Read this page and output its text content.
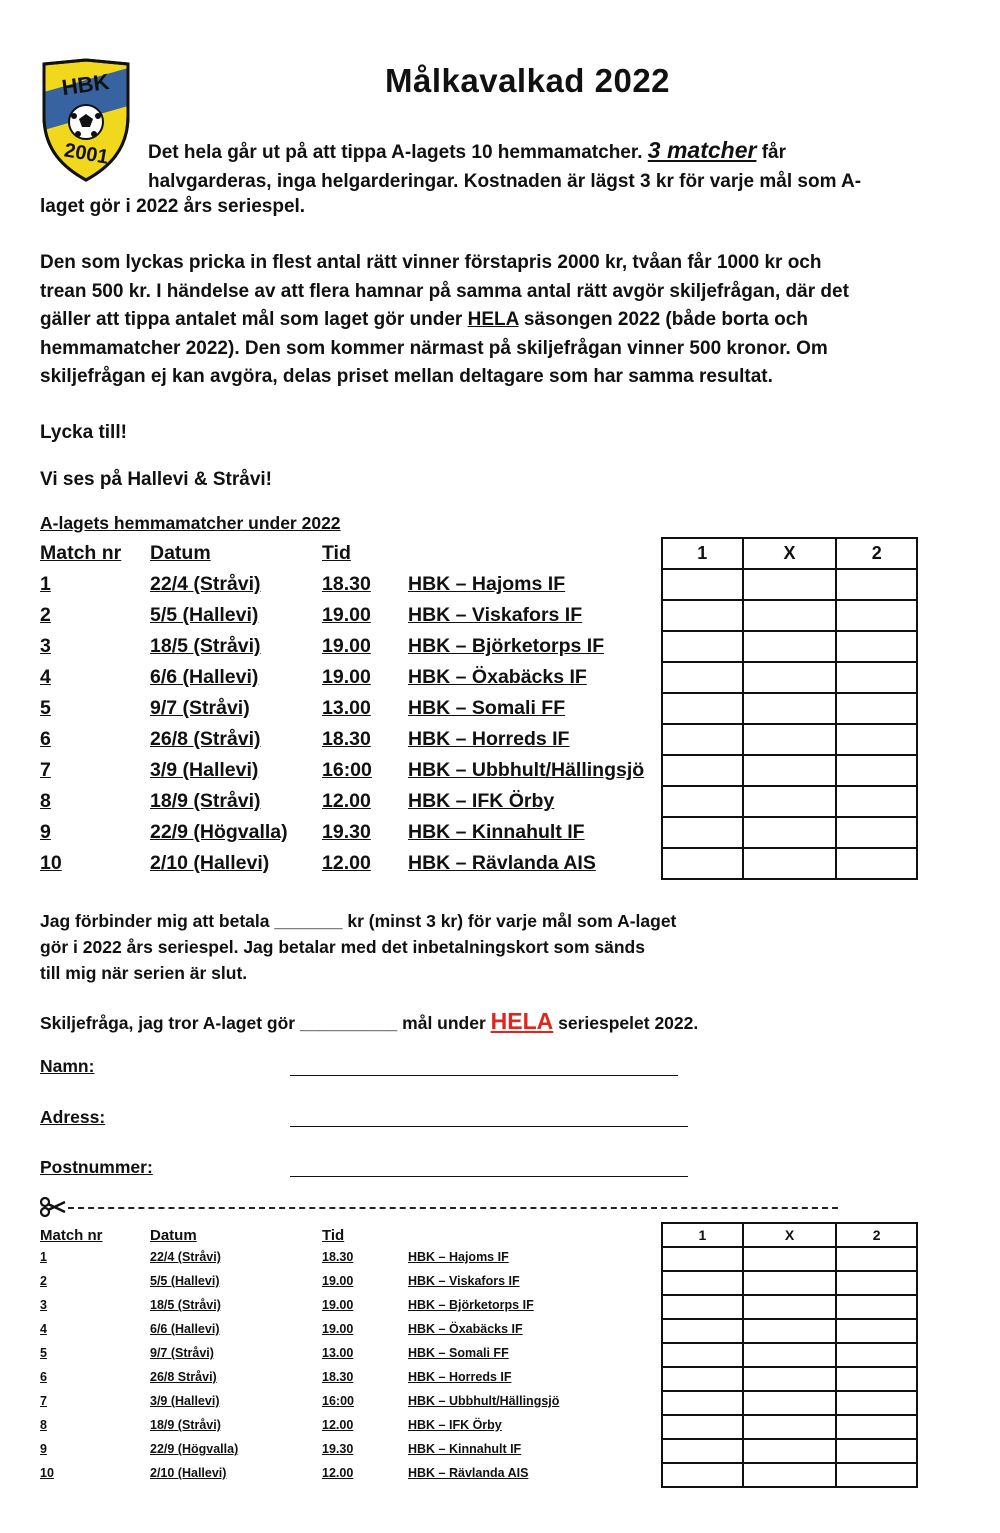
HBK
2001
Målkavalkad 2022
Det hela går ut på att tippa A-lagets 10 hemmamatcher. 3 matcher får
halvgarderas, inga helgarderingar. Kostnaden är lägst 3 kr för varje mål som A-
laget gör i 2022 års seriespel.
Den som lyckas pricka in flest antal rätt vinner förstapris 2000 kr, tvåan får 1000 kr och
trean 500 kr. I händelse av att flera hamnar på samma antal rätt avgör skiljefrågan, där det
gäller att tippa antalet mål som laget gör under HELA säsongen 2022 (både borta och
hemmamatcher 2022). Den som kommer närmast på skiljefrågan vinner 500 kronor. Om
skiljefrågan ej kan avgöra, delas priset mellan deltagare som har samma resultat.
Lycka till!
Vi ses på Hallevi & Stråvi!
A-lagets hemmamatcher under 2022
Match nr Datum	Tid
1	22/4 (Stråvi)	18.30 HBK – Hajoms IF
2	5/5 (Hallevi)	19.00 HBK – Viskafors IF
3	18/5 (Stråvi)	19.00 HBK – Björketorps IF
4	6/6 (Hallevi)	19.00 HBK – Öxabäcks IF
5	9/7 (Stråvi)	13.00 HBK – Somali FF
6	26/8 (Stråvi)	18.30 HBK – Horreds IF
7	3/9 (Hallevi)	16:00 HBK – Ubbhult/Hällingsjö
8	18/9 (Stråvi)	12.00 HBK – IFK Örby
9	22/9 (Högvalla) 19.30 HBK – Kinnahult IF
10	2/10 (Hallevi)	12.00 HBK – Rävlanda AIS
1	X	2

Jag förbinder mig att betala _______ kr (minst 3 kr) för varje mål som A-laget
gör i 2022 års seriespel. Jag betalar med det inbetalningskort som sänds
till mig när serien är slut.
Skiljefråga, jag tror A-laget gör __________ mål under HELA seriespelet 2022.
Namn:
Adress:
Postnummer:
Match nr	Datum	Tid
1	22/4 (Stråvi)	18.30	HBK – Hajoms IF
2	5/5 (Hallevi)	19.00	HBK – Viskafors IF
3	18/5 (Stråvi)	19.00	HBK – Björketorps IF
4	6/6 (Hallevi)	19.00	HBK – Öxabäcks IF
5	9/7 (Stråvi)	13.00	HBK – Somali FF
6	26/8 Stråvi)	18.30	HBK – Horreds IF
7	3/9 (Hallevi)	16:00	HBK – Ubbhult/Hällingsjö
8	18/9 (Stråvi)	12.00	HBK – IFK Örby
9	22/9 (Högvalla)	19.30	HBK – Kinnahult IF
10	2/10 (Hallevi)	12.00	HBK – Rävlanda AIS
1	X	2
